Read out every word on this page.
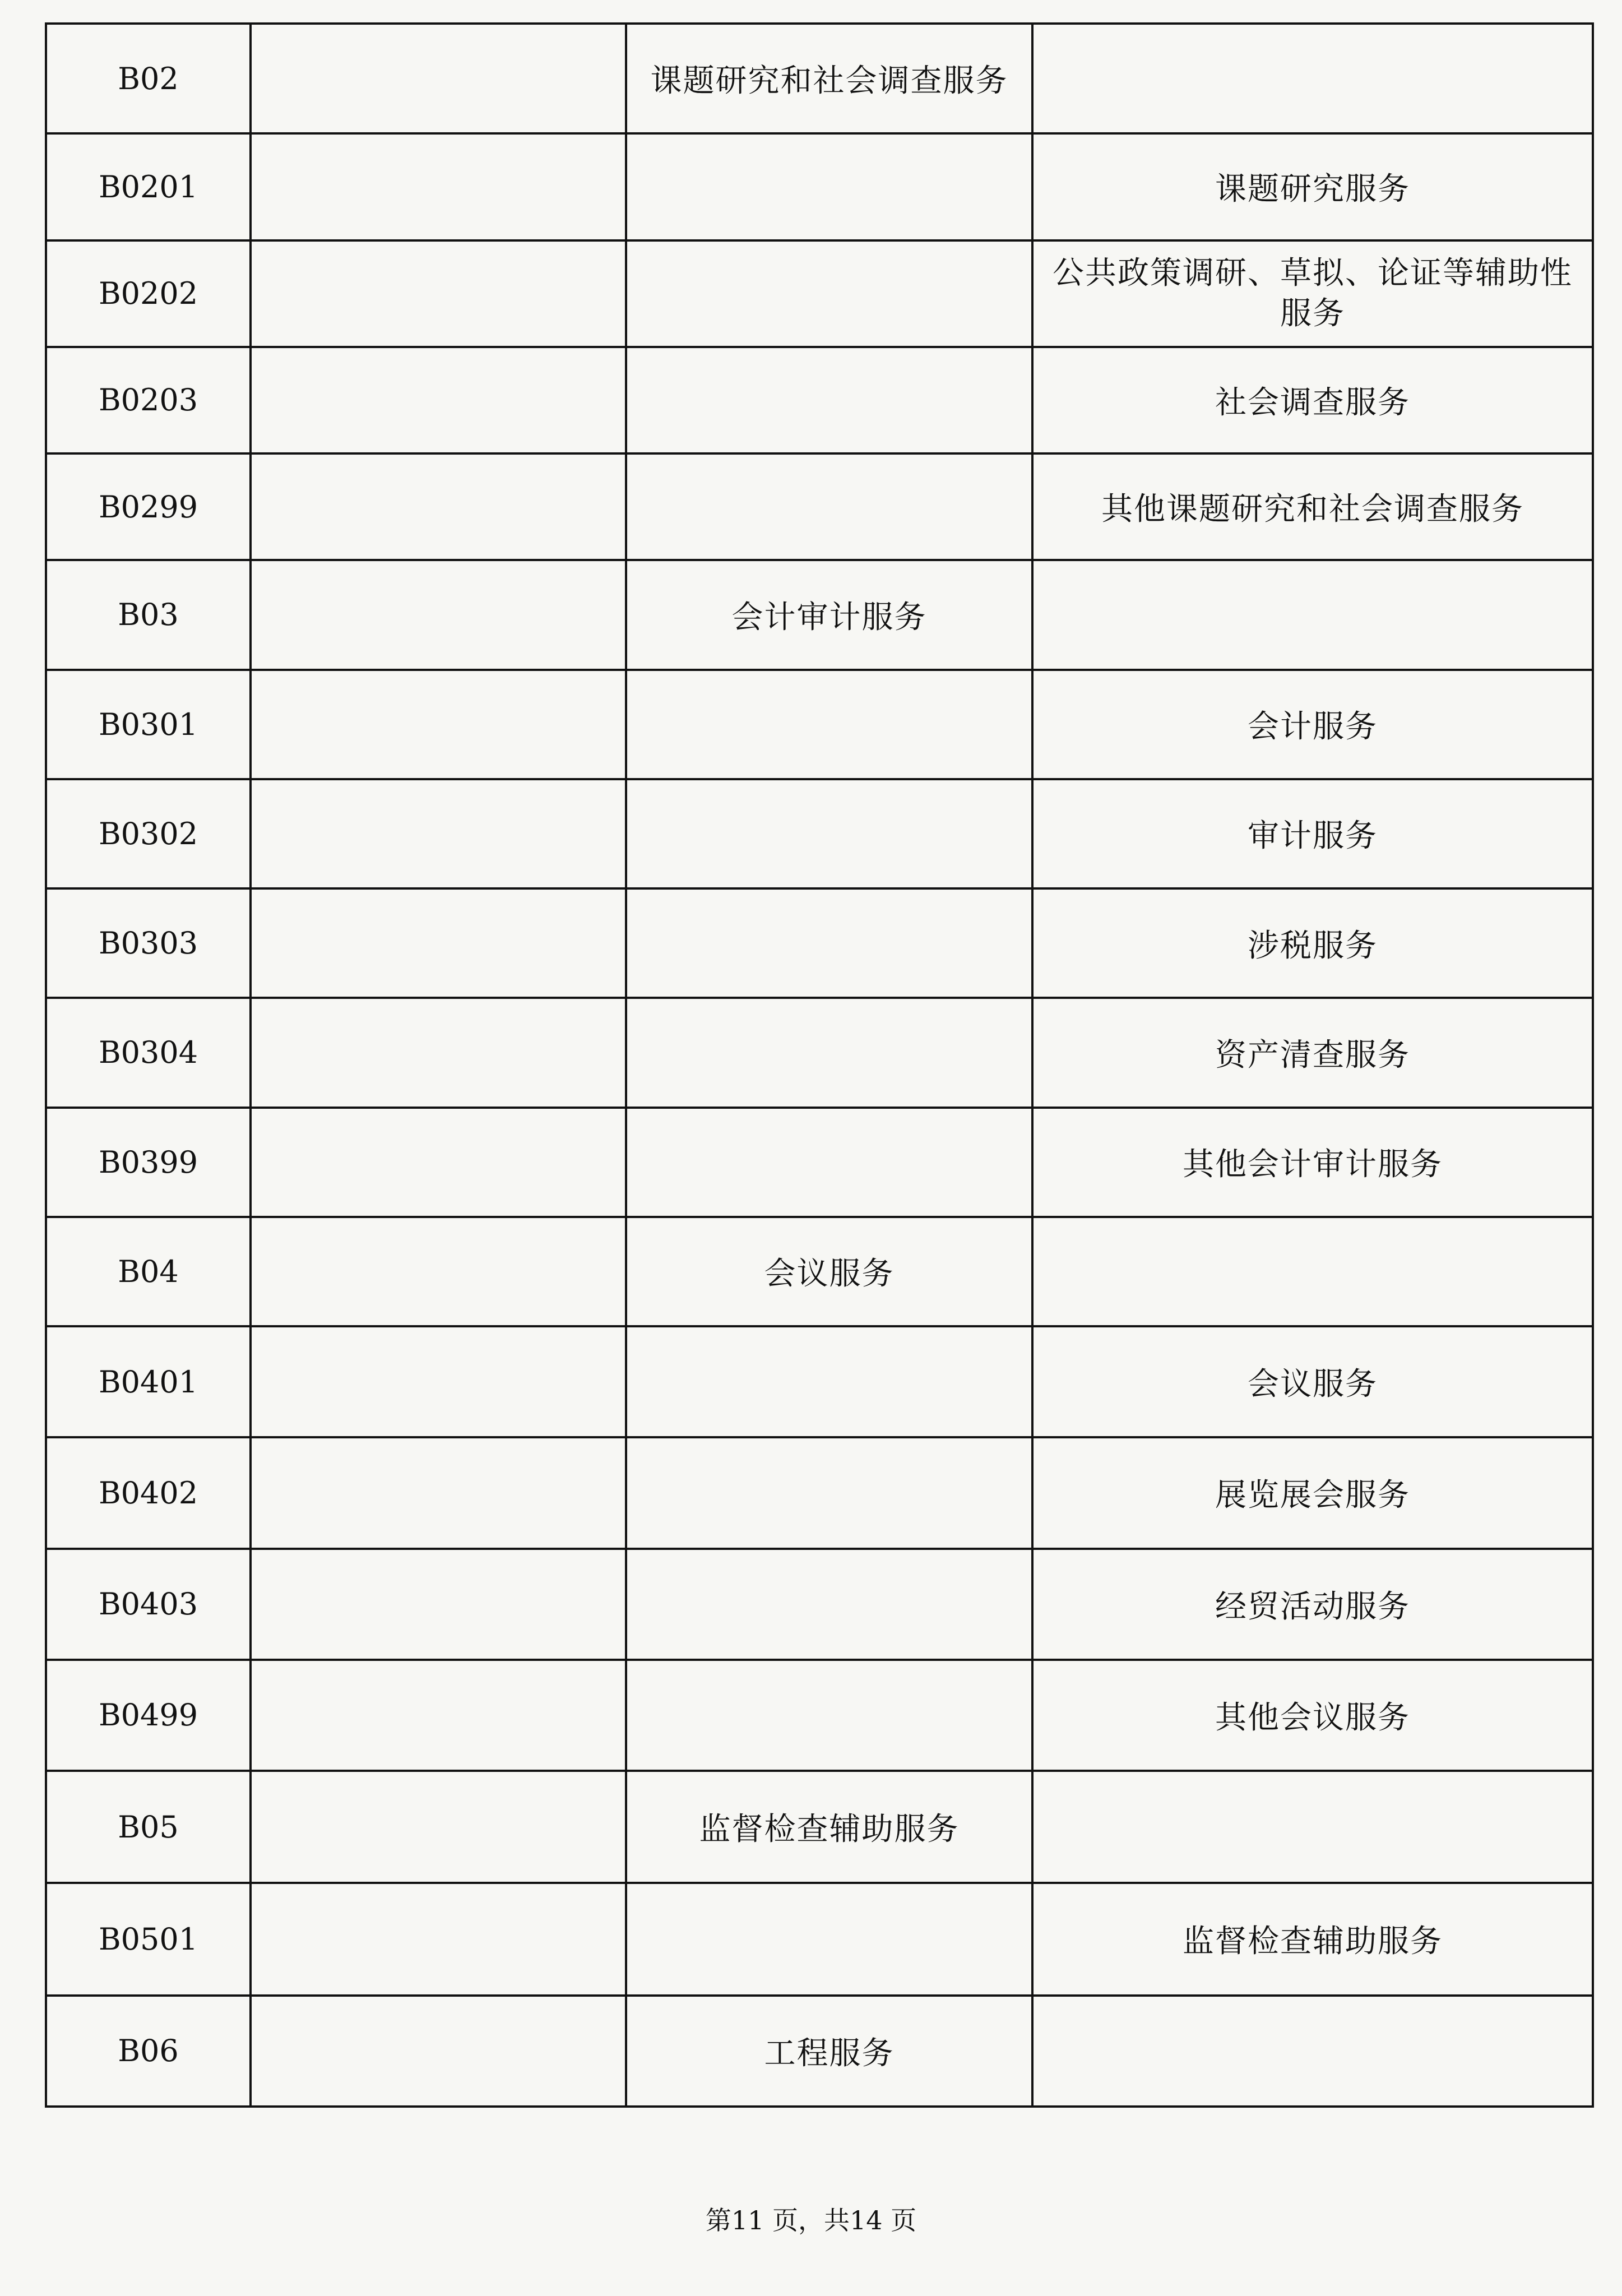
B02		课题研究和社会调查服务	
B0201			课题研究服务
B0202			公共政策调研、草拟、论证等辅助性服务
B0203			社会调查服务
B0299			其他课题研究和社会调查服务
B03		会计审计服务	
B0301			会计服务
B0302			审计服务
B0303			涉税服务
B0304			资产清查服务
B0399			其他会计审计服务
B04		会议服务	
B0401			会议服务
B0402			展览展会服务
B0403			经贸活动服务
B0499			其他会议服务
B05		监督检查辅助服务	
B0501			监督检查辅助服务
B06		工程服务	
第11 页，共14 页
